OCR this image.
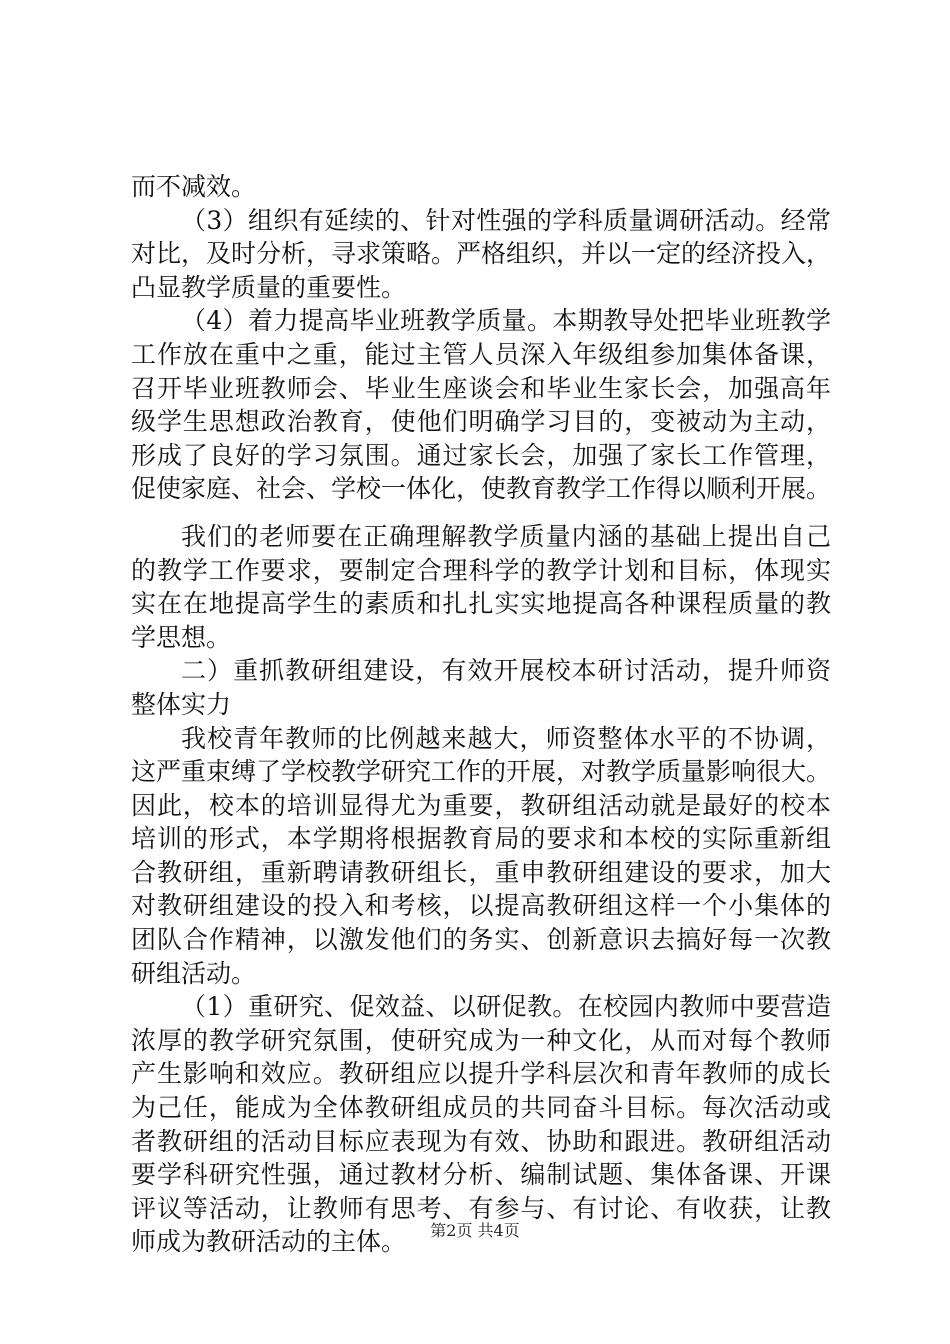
而不减效。
（3）组织有延续的、针对性强的学科质量调研活动。经常
对比，及时分析，寻求策略。严格组织，并以一定的经济投入，
凸显教学质量的重要性。
（4）着力提高毕业班教学质量。本期教导处把毕业班教学
工作放在重中之重，能过主管人员深入年级组参加集体备课，
召开毕业班教师会、毕业生座谈会和毕业生家长会，加强高年
级学生思想政治教育，使他们明确学习目的，变被动为主动，
形成了良好的学习氛围。通过家长会，加强了家长工作管理，
促使家庭、社会、学校一体化，使教育教学工作得以顺利开展。
我们的老师要在正确理解教学质量内涵的基础上提出自己
的教学工作要求，要制定合理科学的教学计划和目标，体现实
实在在地提高学生的素质和扎扎实实地提高各种课程质量的教
学思想。
二）重抓教研组建设，有效开展校本研讨活动，提升师资
整体实力
我校青年教师的比例越来越大，师资整体水平的不协调，
这严重束缚了学校教学研究工作的开展，对教学质量影响很大。
因此，校本的培训显得尤为重要，教研组活动就是最好的校本
培训的形式，本学期将根据教育局的要求和本校的实际重新组
合教研组，重新聘请教研组长，重申教研组建设的要求，加大
对教研组建设的投入和考核，以提高教研组这样一个小集体的
团队合作精神，以激发他们的务实、创新意识去搞好每一次教
研组活动。
（1）重研究、促效益、以研促教。在校园内教师中要营造
浓厚的教学研究氛围，使研究成为一种文化，从而对每个教师
产生影响和效应。教研组应以提升学科层次和青年教师的成长
为己任，能成为全体教研组成员的共同奋斗目标。每次活动或
者教研组的活动目标应表现为有效、协助和跟进。教研组活动
要学科研究性强，通过教材分析、编制试题、集体备课、开课
评议等活动，让教师有思考、有参与、有讨论、有收获，让教
师成为教研活动的主体。	第2页 共4页
